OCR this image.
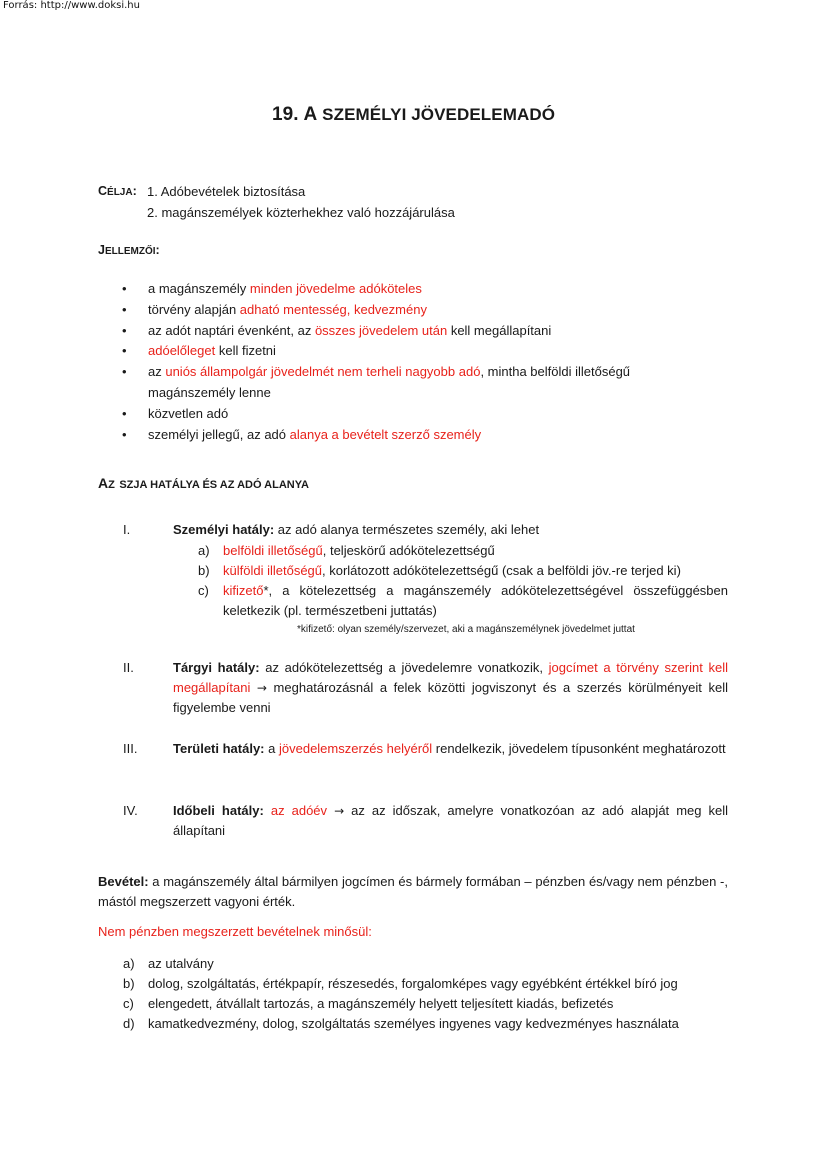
Forrás: http://www.doksi.hu
19. A SZEMÉLYI JÖVEDELEMADÓ
CÉLJA: 1. Adóbevételek biztosítása
2. magánszemélyek közterhekhez való hozzájárulása
JELLEMZŐI:
• a magánszemély minden jövedelme adóköteles
• törvény alapján adható mentesség, kedvezmény
• az adót naptári évenként, az összes jövedelem után kell megállapítani
• adóelőleget kell fizetni
• az uniós állampolgár jövedelmét nem terheli nagyobb adó, mintha belföldi illetőségű magánszemély lenne
• közvetlen adó
• személyi jellegű, az adó alanya a bevételt szerző személy
AZ SZJA HATÁLYA ÉS AZ ADÓ ALANYA
I.	Személyi hatály: az adó alanya természetes személy, aki lehet
a) belföldi illetőségű, teljeskörű adókötelezettségű
b) külföldi illetőségű, korlátozott adókötelezettségű (csak a belföldi jöv.-re terjed ki)
c) kifizető*, a kötelezettség a magánszemély adókötelezettségével összefüggésben keletkezik (pl. természetbeni juttatás)
*kifizető: olyan személy/szervezet, aki a magánszemélynek jövedelmet juttat
II.	Tárgyi hatály: az adókötelezettség a jövedelemre vonatkozik, jogcímet a törvény szerint kell megállapítani → meghatározásnál a felek közötti jogviszonyt és a szerzés körülményeit kell figyelembe venni
III.	Területi hatály: a jövedelemszerzés helyéről rendelkezik, jövedelem típusonként meghatározott
IV.	Időbeli hatály: az adóév → az az időszak, amelyre vonatkozóan az adó alapját meg kell állapítani
Bevétel: a magánszemély által bármilyen jogcímen és bármely formában – pénzben és/vagy nem pénzben -, mástól megszerzett vagyoni érték.
Nem pénzben megszerzett bevételnek minősül:
a) az utalvány
b) dolog, szolgáltatás, értékpapír, részesedés, forgalomképes vagy egyébként értékkel bíró jog
c) elengedett, átvállalt tartozás, a magánszemély helyett teljesített kiadás, befizetés
d) kamatkedvezmény, dolog, szolgáltatás személyes ingyenes vagy kedvezményes használata
